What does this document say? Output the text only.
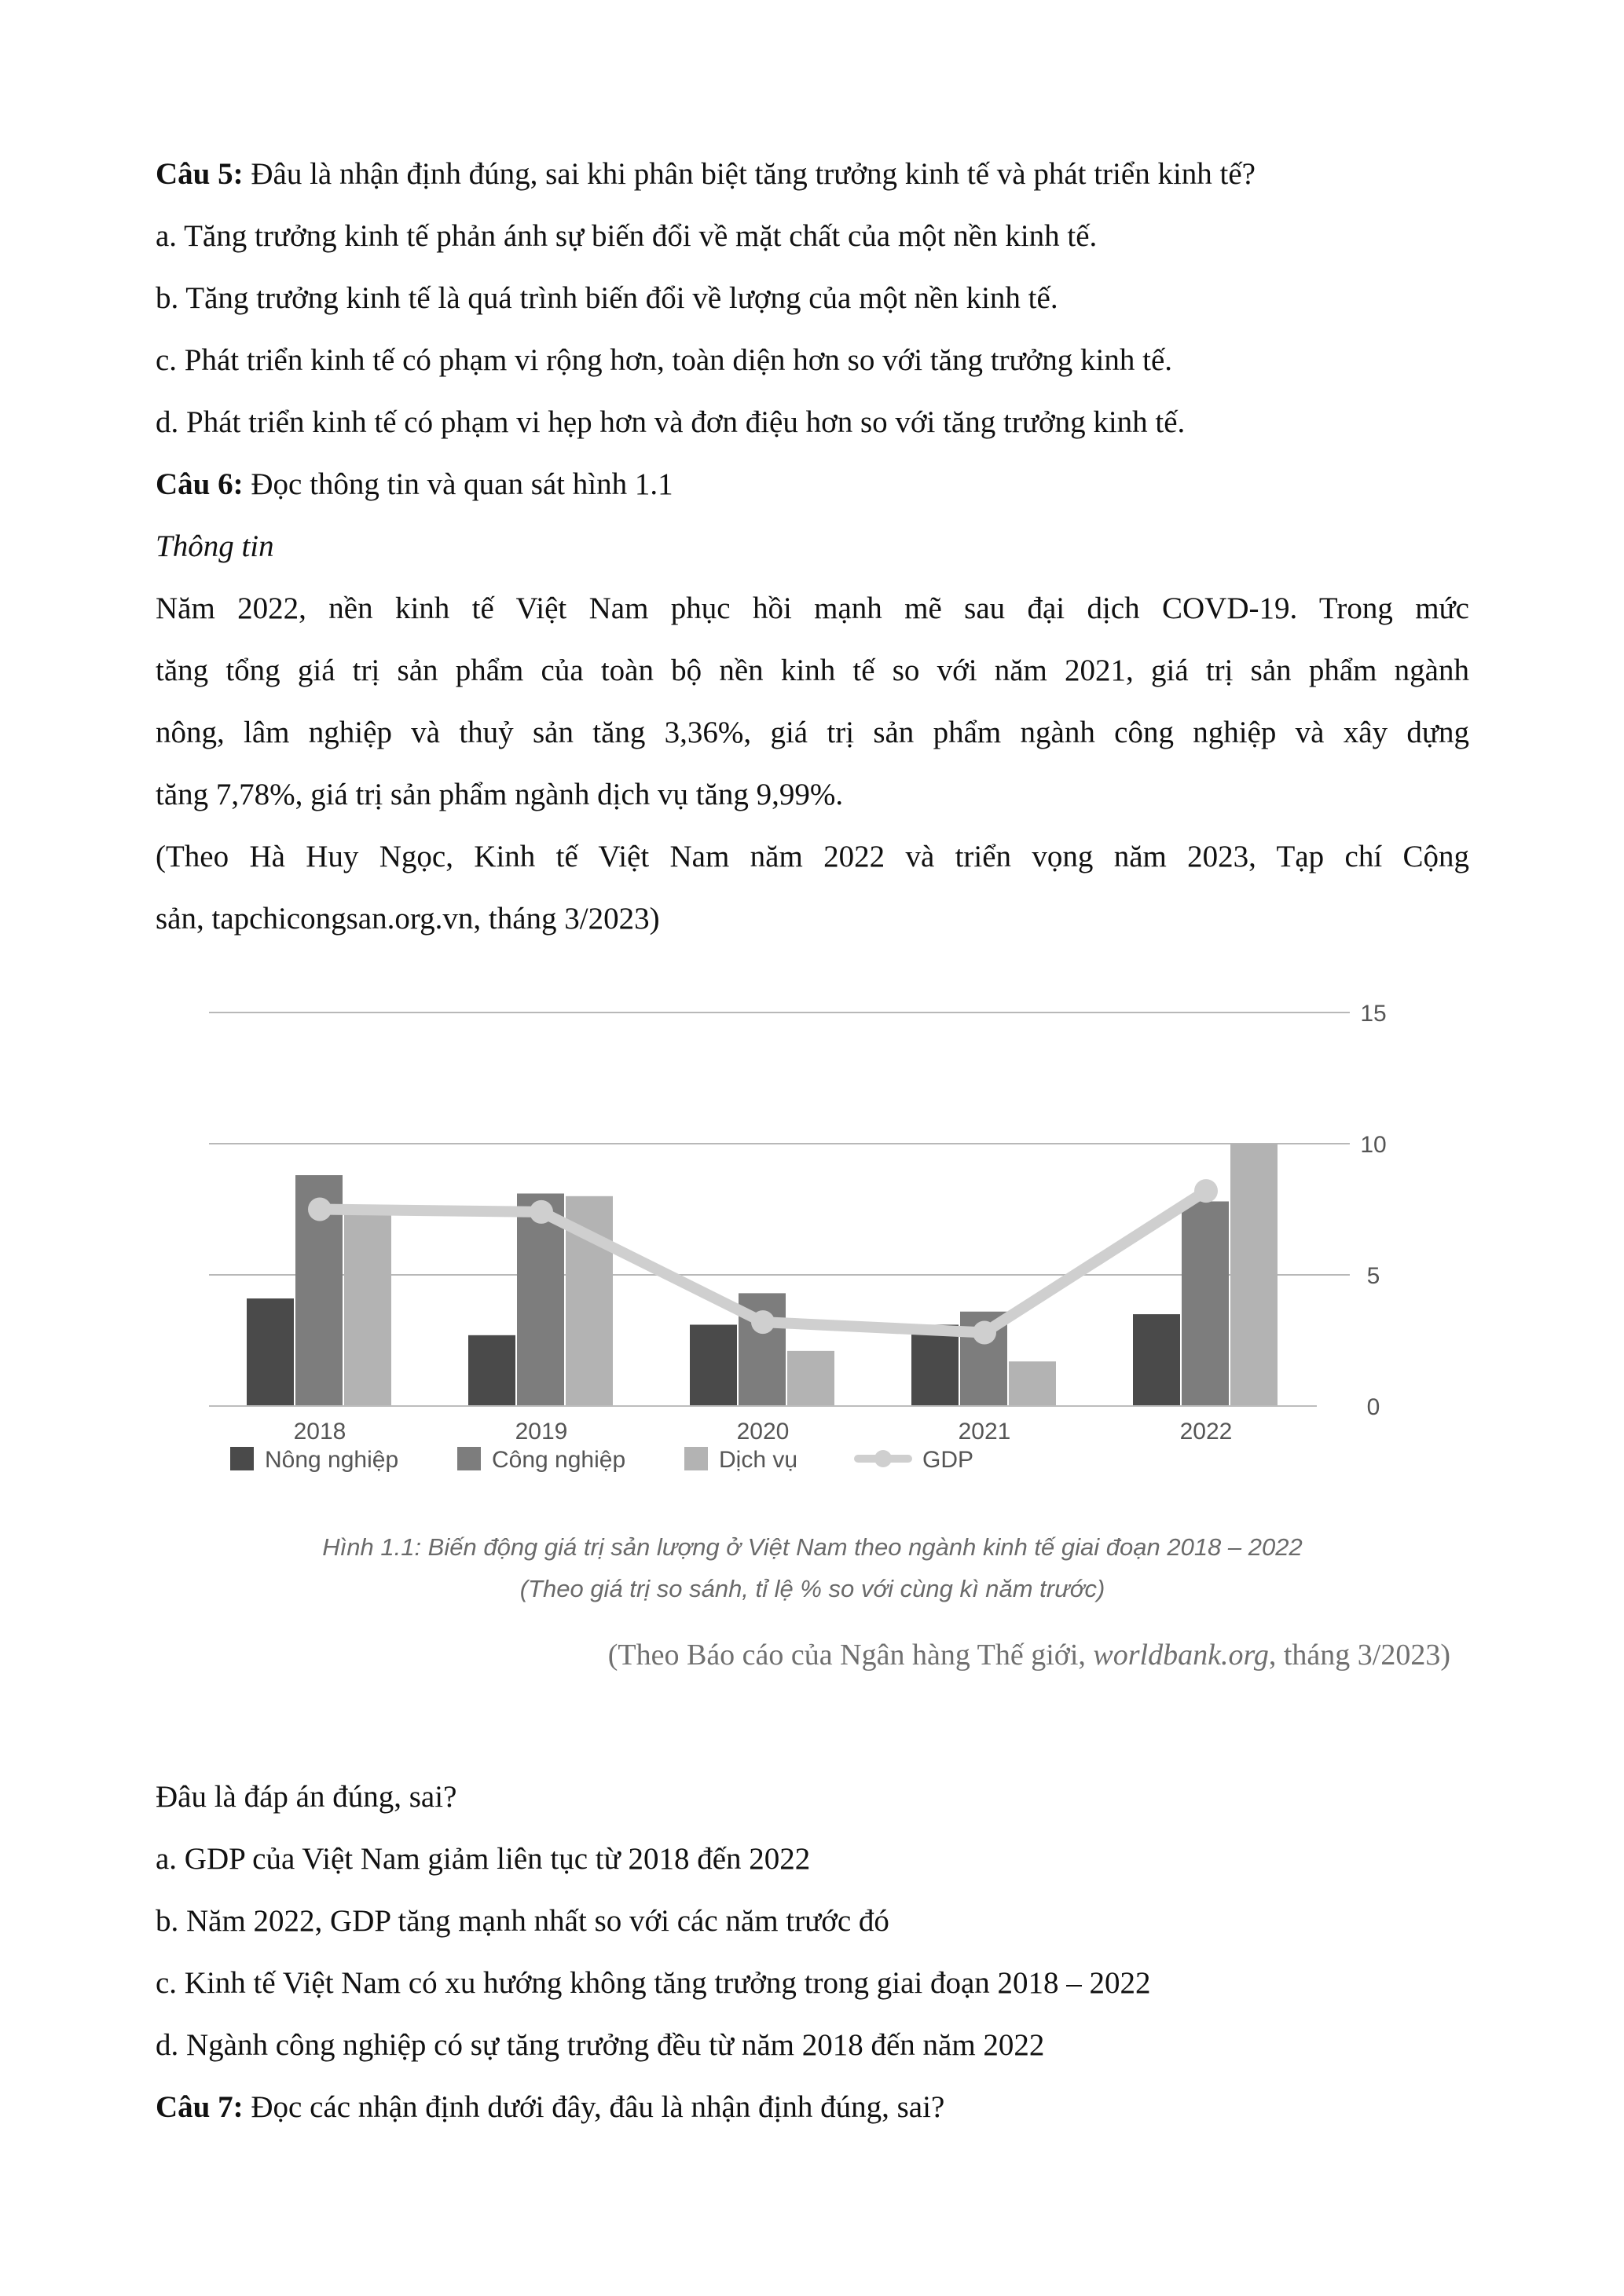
Câu 5: Đâu là nhận định đúng, sai khi phân biệt tăng trưởng kinh tế và phát triển kinh tế?
a. Tăng trưởng kinh tế phản ánh sự biến đổi về mặt chất của một nền kinh tế.
b. Tăng trưởng kinh tế là quá trình biến đổi về lượng của một nền kinh tế.
c. Phát triển kinh tế có phạm vi rộng hơn, toàn diện hơn so với tăng trưởng kinh tế.
d. Phát triển kinh tế có phạm vi hẹp hơn và đơn điệu hơn so với tăng trưởng kinh tế.
Câu 6: Đọc thông tin và quan sát hình 1.1
Thông tin
Năm 2022, nền kinh tế Việt Nam phục hồi mạnh mẽ sau đại dịch COVD-19. Trong mức
tăng tổng giá trị sản phẩm của toàn bộ nền kinh tế so với năm 2021, giá trị sản phẩm ngành
nông, lâm nghiệp và thuỷ sản tăng 3,36%, giá trị sản phẩm ngành công nghiệp và xây dựng
tăng 7,78%, giá trị sản phẩm ngành dịch vụ tăng 9,99%.
(Theo Hà Huy Ngọc, Kinh tế Việt Nam năm 2022 và triển vọng năm 2023, Tạp chí Cộng
sản, tapchicongsan.org.vn, tháng 3/2023)
0
5
10
15
2018	2019	2020	2021	2022
Nông nghiệp	Công nghiệp	Dịch vụ	GDP
Hình 1.1: Biến động giá trị sản lượng ở Việt Nam theo ngành kinh tế giai đoạn 2018 – 2022
(Theo giá trị so sánh, tỉ lệ % so với cùng kì năm trước)
(Theo Báo cáo của Ngân hàng Thế giới, worldbank.org, tháng 3/2023)
Đâu là đáp án đúng, sai?
a. GDP của Việt Nam giảm liên tục từ 2018 đến 2022
b. Năm 2022, GDP tăng mạnh nhất so với các năm trước đó
c. Kinh tế Việt Nam có xu hướng không tăng trưởng trong giai đoạn 2018 – 2022
d. Ngành công nghiệp có sự tăng trưởng đều từ năm 2018 đến năm 2022
Câu 7: Đọc các nhận định dưới đây, đâu là nhận định đúng, sai?
